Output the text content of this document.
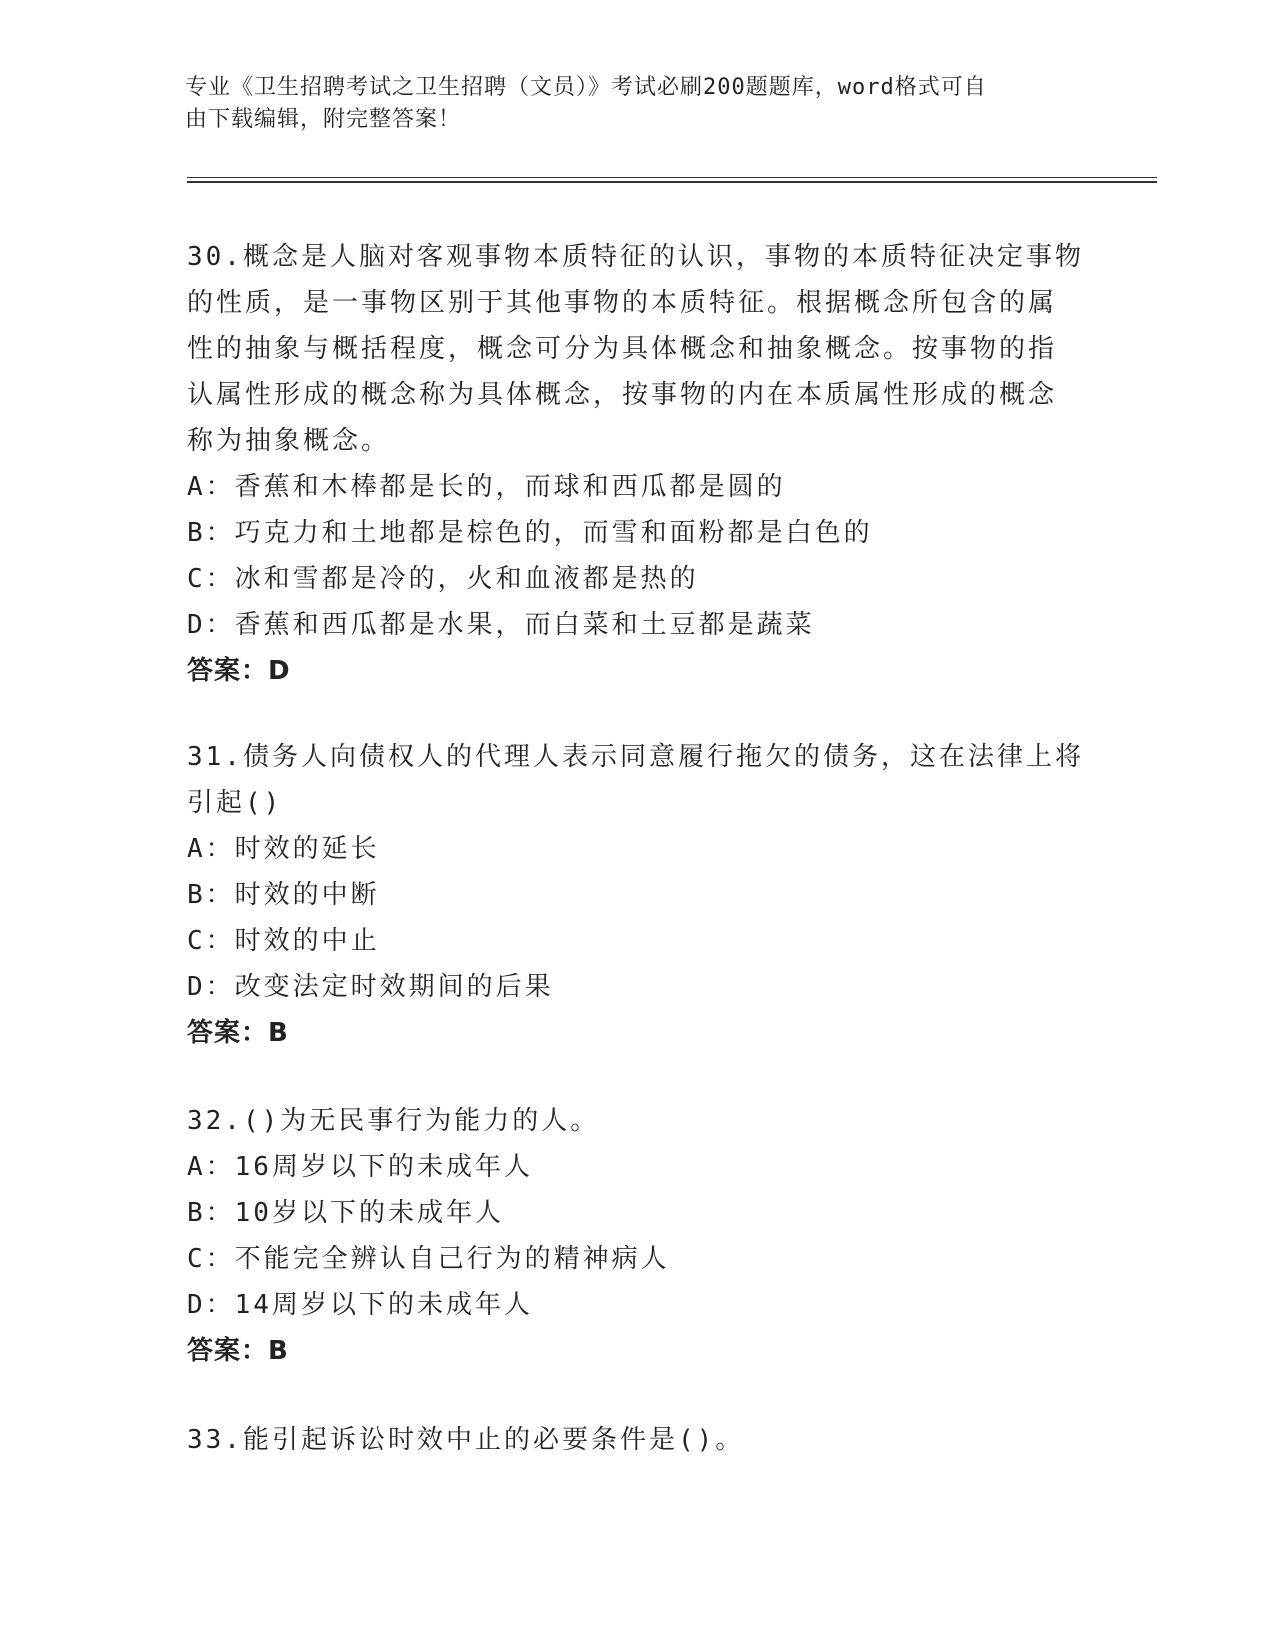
专业《卫生招聘考试之卫生招聘（文员）》考试必刷200题题库，word格式可自
由下载编辑，附完整答案！
30.概念是人脑对客观事物本质特征的认识，事物的本质特征决定事物
的性质，是一事物区别于其他事物的本质特征。根据概念所包含的属
性的抽象与概括程度，概念可分为具体概念和抽象概念。按事物的指
认属性形成的概念称为具体概念，按事物的内在本质属性形成的概念
称为抽象概念。
A：香蕉和木棒都是长的，而球和西瓜都是圆的
B：巧克力和土地都是棕色的，而雪和面粉都是白色的
C：冰和雪都是冷的，火和血液都是热的
D：香蕉和西瓜都是水果，而白菜和土豆都是蔬菜
答案：D
31.债务人向债权人的代理人表示同意履行拖欠的债务，这在法律上将
引起()
A：时效的延长
B：时效的中断
C：时效的中止
D：改变法定时效期间的后果
答案：B
32.()为无民事行为能力的人。
A：16周岁以下的未成年人
B：10岁以下的未成年人
C：不能完全辨认自己行为的精神病人
D：14周岁以下的未成年人
答案：B
33.能引起诉讼时效中止的必要条件是()。
